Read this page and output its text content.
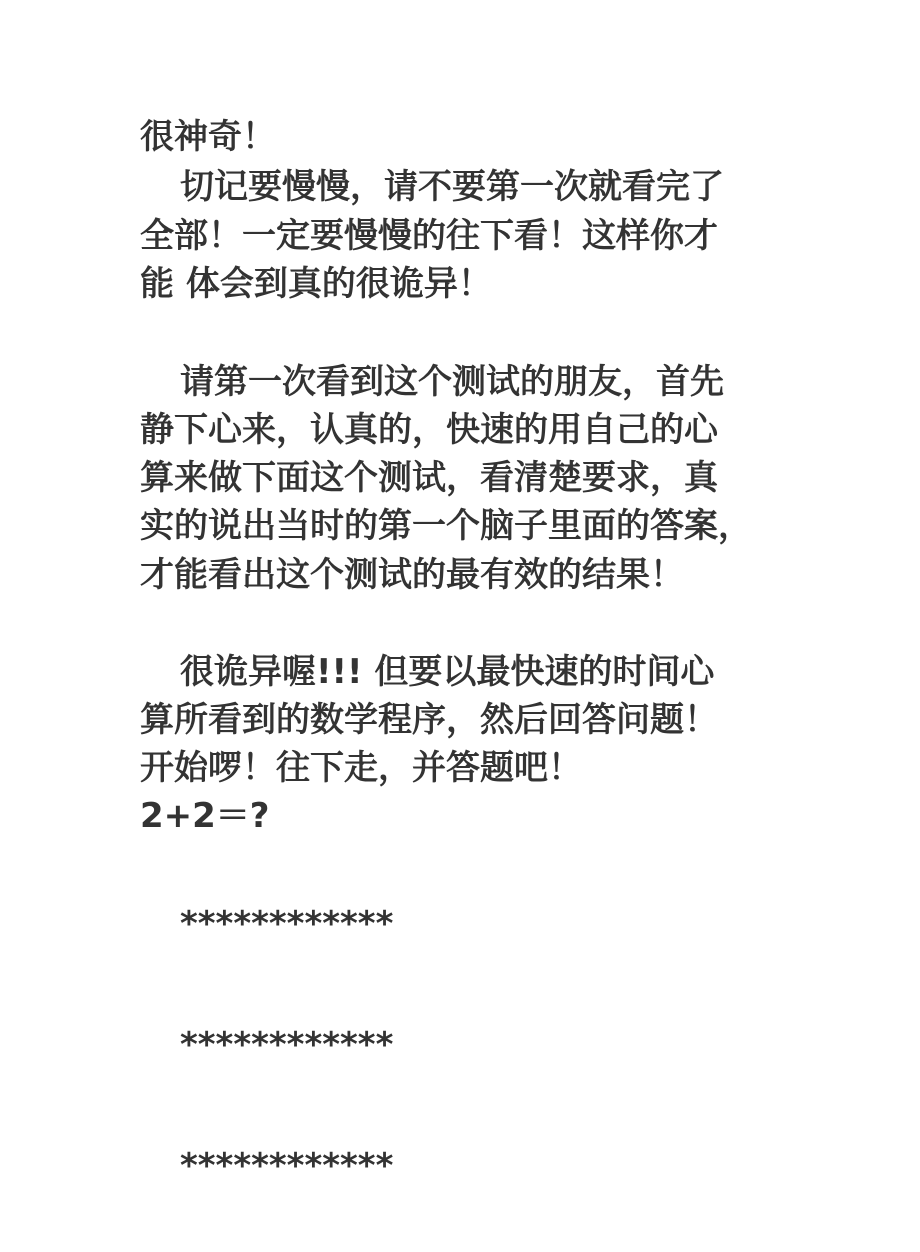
很神奇！
切记要慢慢，请不要第一次就看完了
全部！一定要慢慢的往下看！这样你才
能 体会到真的很诡异！
请第一次看到这个测试的朋友，首先
静下心来，认真的，快速的用自己的心
算来做下面这个测试，看清楚要求，真
实的说出当时的第一个脑子里面的答案，
才能看出这个测试的最有效的结果！
很诡异喔!!! 但要以最快速的时间心
算所看到的数学程序，然后回答问题！
开始啰！往下走，并答题吧！
2+2＝?
************
************
************
